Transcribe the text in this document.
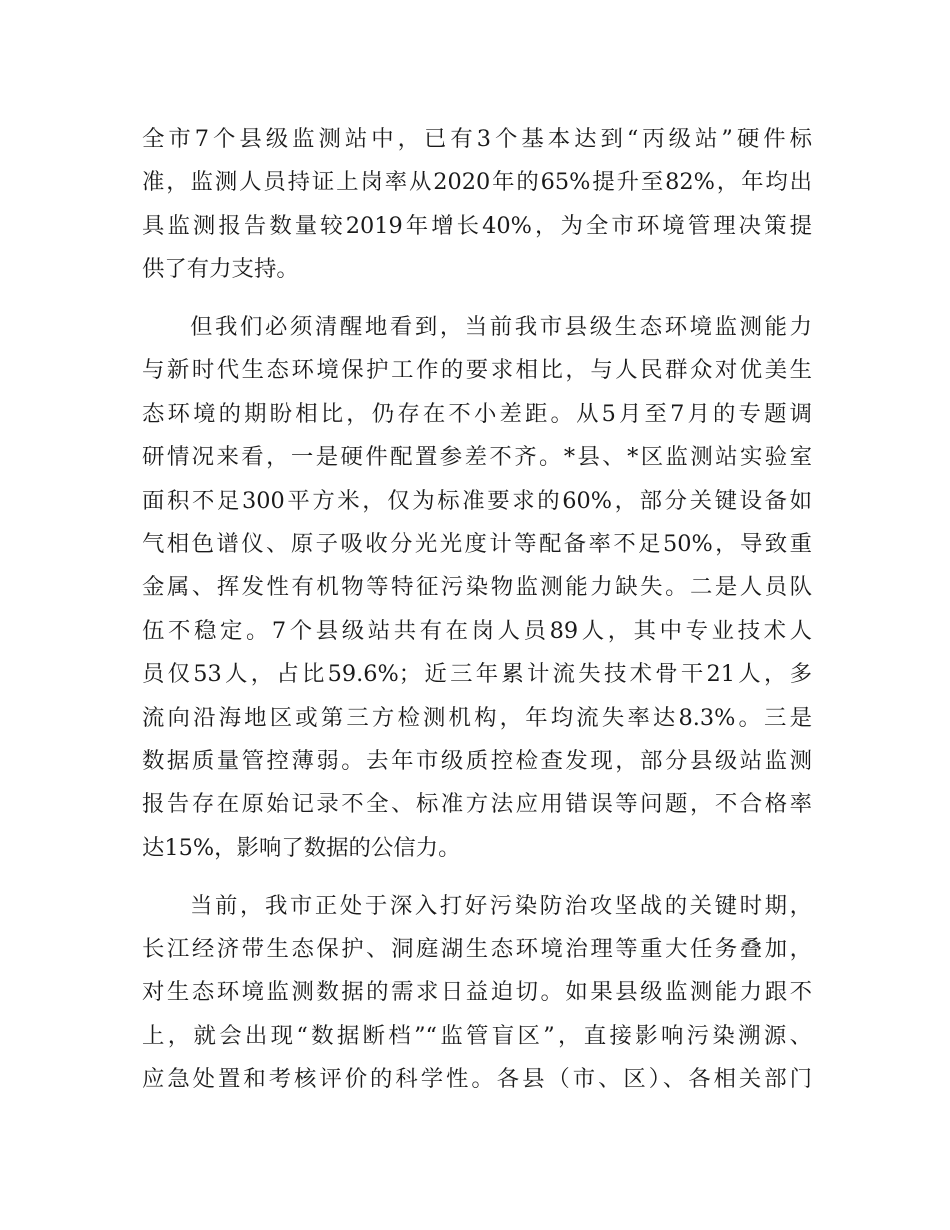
全市7个县级监测站中，已有3个基本达到“丙级站”硬件标
准，监测人员持证上岗率从2020年的65%提升至82%，年均出
具监测报告数量较2019年增长40%，为全市环境管理决策提
供了有力支持。

但我们必须清醒地看到，当前我市县级生态环境监测能力
与新时代生态环境保护工作的要求相比，与人民群众对优美生
态环境的期盼相比，仍存在不小差距。从5月至7月的专题调
研情况来看，一是硬件配置参差不齐。*县、*区监测站实验室
面积不足300平方米，仅为标准要求的60%，部分关键设备如
气相色谱仪、原子吸收分光光度计等配备率不足50%，导致重
金属、挥发性有机物等特征污染物监测能力缺失。二是人员队
伍不稳定。7个县级站共有在岗人员89人，其中专业技术人
员仅53人，占比59.6%；近三年累计流失技术骨干21人，多
流向沿海地区或第三方检测机构，年均流失率达8.3%。三是
数据质量管控薄弱。去年市级质控检查发现，部分县级站监测
报告存在原始记录不全、标准方法应用错误等问题，不合格率
达15%，影响了数据的公信力。

当前，我市正处于深入打好污染防治攻坚战的关键时期，
长江经济带生态保护、洞庭湖生态环境治理等重大任务叠加，
对生态环境监测数据的需求日益迫切。如果县级监测能力跟不
上，就会出现“数据断档”“监管盲区”，直接影响污染溯源、
应急处置和考核评价的科学性。各县（市、区）、各相关部门
